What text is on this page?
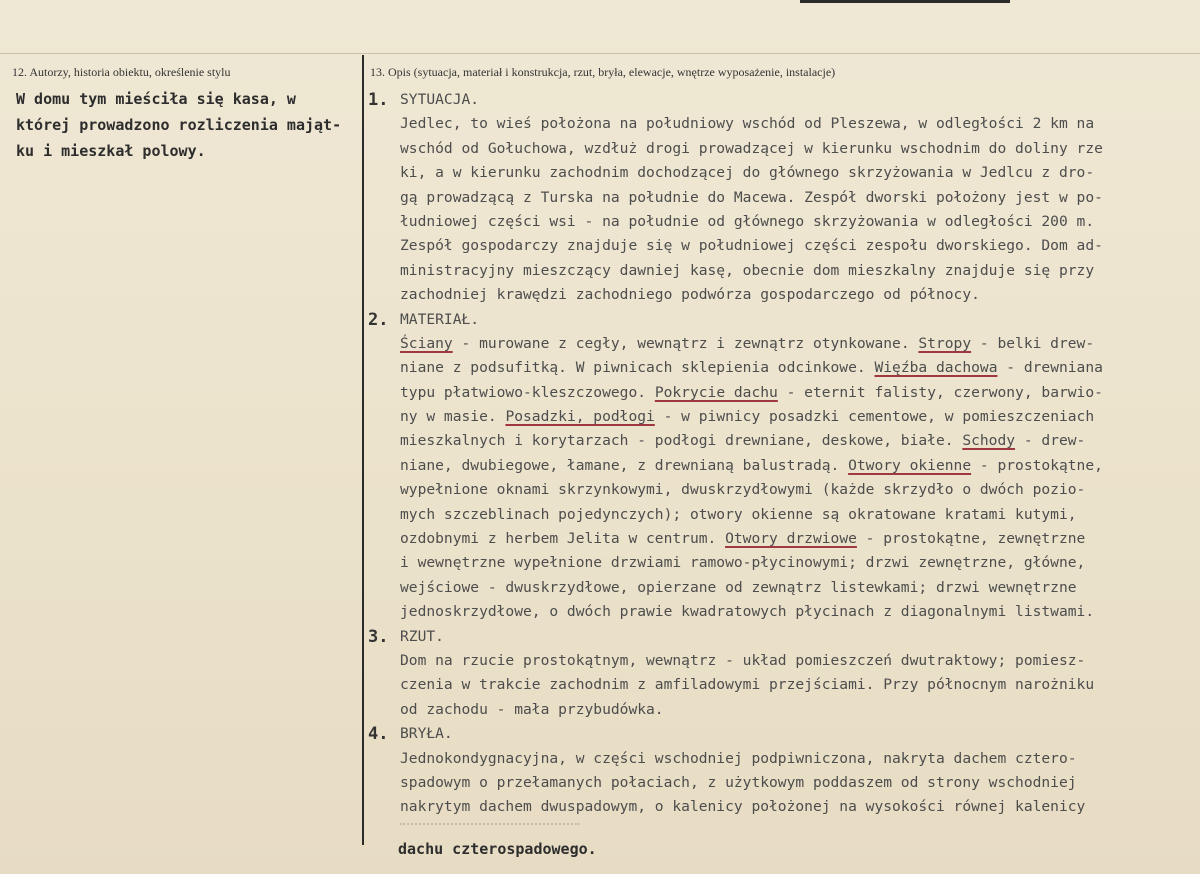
12. Autorzy, historia obiektu, określenie stylu	13. Opis (sytuacja, materiał i konstrukcja, rzut, bryła, elewacje, wnętrze wyposażenie, instalacje)
W domu tym mieściła się kasa, w
której prowadzono rozliczenia mająt-
ku i mieszkał polowy.
1. SYTUACJA.
Jedlec, to wieś położona na południowy wschód od Pleszewa, w odległości 2 km na
wschód od Gołuchowa, wzdłuż drogi prowadzącej w kierunku wschodnim do doliny rze
ki, a w kierunku zachodnim dochodzącej do głównego skrzyżowania w Jedlcu z dro-
gą prowadzącą z Turska na południe do Macewa. Zespół dworski położony jest w po-
łudniowej części wsi - na południe od głównego skrzyżowania w odległości 200 m.
Zespół gospodarczy znajduje się w południowej części zespołu dworskiego. Dom ad-
ministracyjny mieszczący dawniej kasę, obecnie dom mieszkalny znajduje się przy
zachodniej krawędzi zachodniego podwórza gospodarczego od północy.
2. MATERIAŁ.
Ściany - murowane z cegły, wewnątrz i zewnątrz otynkowane. Stropy - belki drew-
niane z podsufitką. W piwnicach sklepienia odcinkowe. Więźba dachowa - drewniana
typu płatwiowo-kleszczowego. Pokrycie dachu - eternit falisty, czerwony, barwio-
ny w masie. Posadzki, podłogi - w piwnicy posadzki cementowe, w pomieszczeniach
mieszkalnych i korytarzach - podłogi drewniane, deskowe, białe. Schody - drew-
niane, dwubiegowe, łamane, z drewnianą balustradą. Otwory okienne - prostokątne,
wypełnione oknami skrzynkowymi, dwuskrzydłowymi (każde skrzydło o dwóch pozio-
mych szczeblinach pojedynczych); otwory okienne są okratowane kratami kutymi,
ozdobnymi z herbem Jelita w centrum. Otwory drzwiowe - prostokątne, zewnętrzne
i wewnętrzne wypełnione drzwiami ramowo-płycinowymi; drzwi zewnętrzne, główne,
wejściowe - dwuskrzydłowe, opierzane od zewnątrz listewkami; drzwi wewnętrzne
jednoskrzydłowe, o dwóch prawie kwadratowych płycinach z diagonalnymi listwami.
3. RZUT.
Dom na rzucie prostokątnym, wewnątrz - układ pomieszczeń dwutraktowy; pomiesz-
czenia w trakcie zachodnim z amfiladowymi przejściami. Przy północnym narożniku
od zachodu - mała przybudówka.
4. BRYŁA.
Jednokondygnacyjna, w części wschodniej podpiwniczona, nakryta dachem cztero-
spadowym o przełamanych połaciach, z użytkowym poddaszem od strony wschodniej
nakrytym dachem dwuspadowym, o kalenicy położonej na wysokości równej kalenicy
dachu czterospadowego.
